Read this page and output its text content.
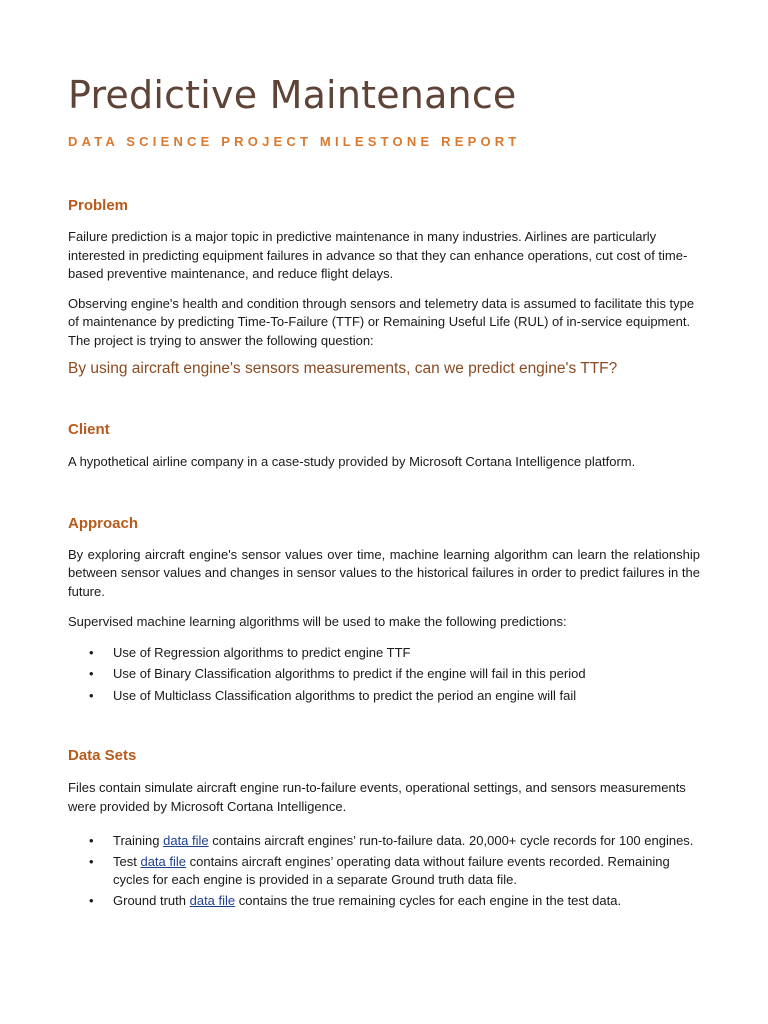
Predictive Maintenance
DATA SCIENCE PROJECT MILESTONE REPORT
Problem

Failure prediction is a major topic in predictive maintenance in many industries. Airlines are particularly interested in predicting equipment failures in advance so that they can enhance operations, cut cost of time-based preventive maintenance, and reduce flight delays.

Observing engine's health and condition through sensors and telemetry data is assumed to facilitate this type of maintenance by predicting Time-To-Failure (TTF) or Remaining Useful Life (RUL) of in-service equipment. The project is trying to answer the following question:

By using aircraft engine's sensors measurements, can we predict engine's TTF?

Client

A hypothetical airline company in a case-study provided by Microsoft Cortana Intelligence platform.

Approach

By exploring aircraft engine's sensor values over time, machine learning algorithm can learn the relationship between sensor values and changes in sensor values to the historical failures in order to predict failures in the future.

Supervised machine learning algorithms will be used to make the following predictions:

• Use of Regression algorithms to predict engine TTF
• Use of Binary Classification algorithms to predict if the engine will fail in this period
• Use of Multiclass Classification algorithms to predict the period an engine will fail
Data Sets

Files contain simulate aircraft engine run-to-failure events, operational settings, and sensors measurements were provided by Microsoft Cortana Intelligence.

• Training data file contains aircraft engines’ run-to-failure data. 20,000+ cycle records for 100 engines.
• Test data file contains aircraft engines’ operating data without failure events recorded. Remaining cycles for each engine is provided in a separate Ground truth data file.
• Ground truth data file contains the true remaining cycles for each engine in the test data.
